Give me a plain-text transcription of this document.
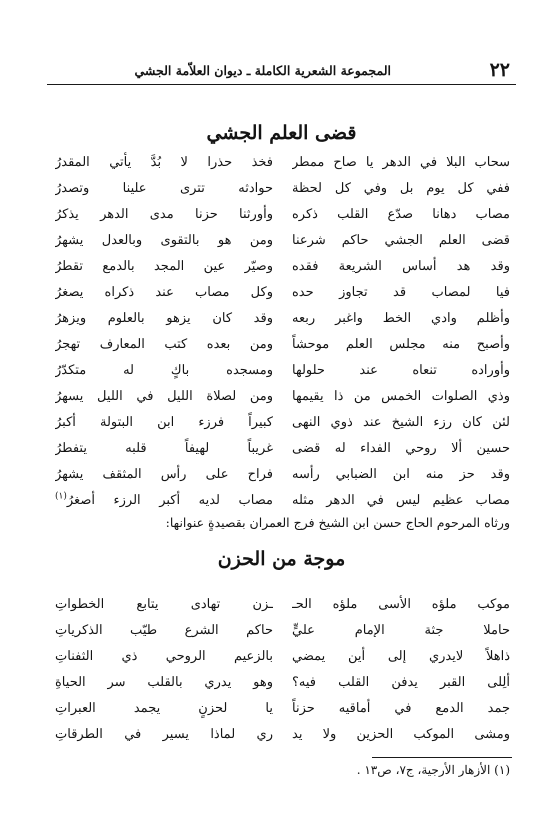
٢٢
المجموعة الشعرية الكاملة ـ ديوان العلاّمة الجشي
قضى العلم الجشي
سحاب البلا في الدهر يا صاح ممطر
فخذ حذرا لا بُدَّ يأتي المقدرُ
ففي كل يوم بل وفي كل لحظة
حوادثه تترى علينا وتصدرُ
مصاب دهانا صدّع القلب ذكره
وأورثنا حزنا مدى الدهر يذكرُ
قضى العلم الجشي حاكم شرعنا
ومن هو بالتقوى وبالعدل يشهرُ
وقد هد أساس الشريعة فقده
وصيّر عين المجد بالدمع تقطرُ
فيا لمصاب قد تجاوز حده
وكل مصاب عند ذكراه يصغرُ
وأظلم وادي الخط واغبر ربعه
وقد كان يزهو بالعلوم ويزهرُ
وأصبح منه مجلس العلم موحشاً
ومن بعده كتب المعارف تهجرُ
وأوراده تنعاه عند حلولها
ومسجده باكٍ له متكدّرُ
وذي الصلوات الخمس من ذا يقيمها
ومن لصلاة الليل في الليل يسهرُ
لئن كان رزء الشيخ عند ذوي النهى
كبيراً فرزء ابن البتولة أكبرُ
حسين ألا روحي الفداء له قضى
غريباً لهيفاً قلبه يتفطرُ
وقد حز منه ابن الضبابي رأسه
فراح على رأس المثقف يشهرُ
مصاب عظيم ليس في الدهر مثله
مصاب لديه أكبر الرزء أصغرُ$^{(١)}$
ورثاه المرحوم الحاج حسن ابن الشيخ فرج العمران بقصيدةٍ عنوانها:
موجة من الحزن
موكب ملؤه الأسى ملؤه الحـ
ـزن تهادى يتابع الخطواتِ
حاملا جثة الإمام عليٍّ
حاكم الشرع طيّب الذكرياتِ
ذاهلاً لايدري إلى أين يمضي
بالزعيم الروحي ذي الثفناتِ
ألِلى القبر يدفن القلب فيه؟
وهو يدري بالقلب سر الحياةِ
جمد الدمع في أماقيه حزناً
يا لحزنٍ يجمد العبراتِ
ومشى الموكب الحزين ولا يد
ري لماذا يسير في الطرقاتِ
(١) الأزهار الأرجية، ج٧، ص١٣ .
